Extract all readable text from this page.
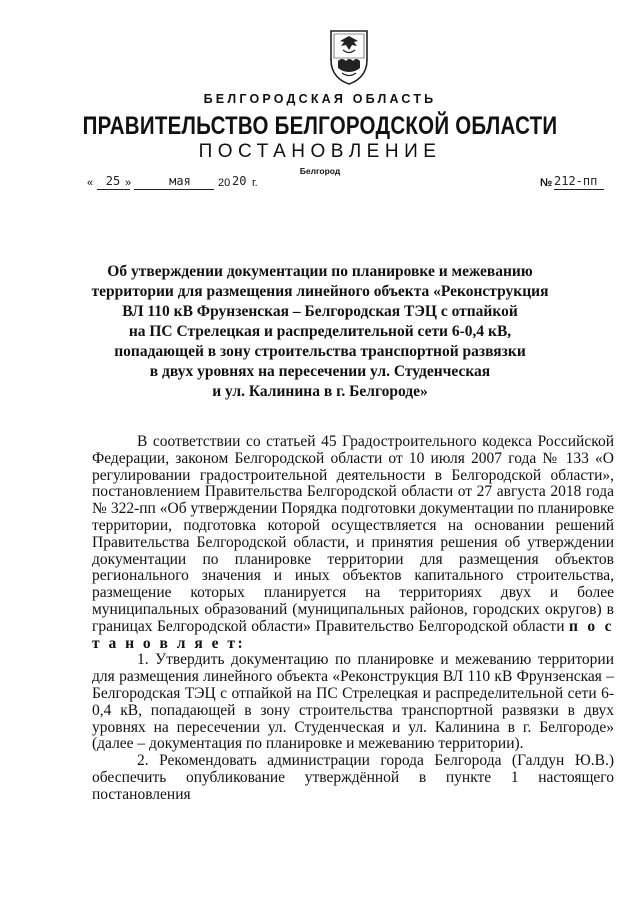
БЕЛГОРОДСКАЯ ОБЛАСТЬ
ПРАВИТЕЛЬСТВО БЕЛГОРОДСКОЙ ОБЛАСТИ
ПОСТАНОВЛЕНИЕ
Белгород
«	25 »	мая	20 20 г.	№ 212-пп
Об утверждении документации по планировке и межеванию
территории для размещения линейного объекта «Реконструкция
ВЛ 110 кВ Фрунзенская – Белгородская ТЭЦ с отпайкой
на ПС Стрелецкая и распределительной сети 6-0,4 кВ,
попадающей в зону строительства транспортной развязки
в двух уровнях на пересечении ул. Студенческая
и ул. Калинина в г. Белгороде»

В соответствии со статьей 45 Градостроительного кодекса Российской Федерации, законом Белгородской области от 10 июля 2007 года № 133 «О регулировании градостроительной деятельности в Белгородской области», постановлением Правительства Белгородской области от 27 августа 2018 года № 322-пп «Об утверждении Порядка подготовки документации по планировке территории, подготовка которой осуществляется на основании решений Правительства Белгородской области, и принятия решения об утверждении документации по планировке территории для размещения объектов регионального значения и иных объектов капитального строительства, размещение которых планируется на территориях двух и более муниципальных образований (муниципальных районов, городских округов) в границах Белгородской области» Правительство Белгородской области п о с т а н о в л я е т:

1. Утвердить документацию по планировке и межеванию территории для размещения линейного объекта «Реконструкция ВЛ 110 кВ Фрунзенская – Белгородская ТЭЦ с отпайкой на ПС Стрелецкая и распределительной сети 6-0,4 кВ, попадающей в зону строительства транспортной развязки в двух уровнях на пересечении ул. Студенческая и ул. Калинина в г. Белгороде» (далее – документация по планировке и межеванию территории).

2. Рекомендовать администрации города Белгорода (Галдун Ю.В.) обеспечить опубликование утверждённой в пункте 1 настоящего постановления
